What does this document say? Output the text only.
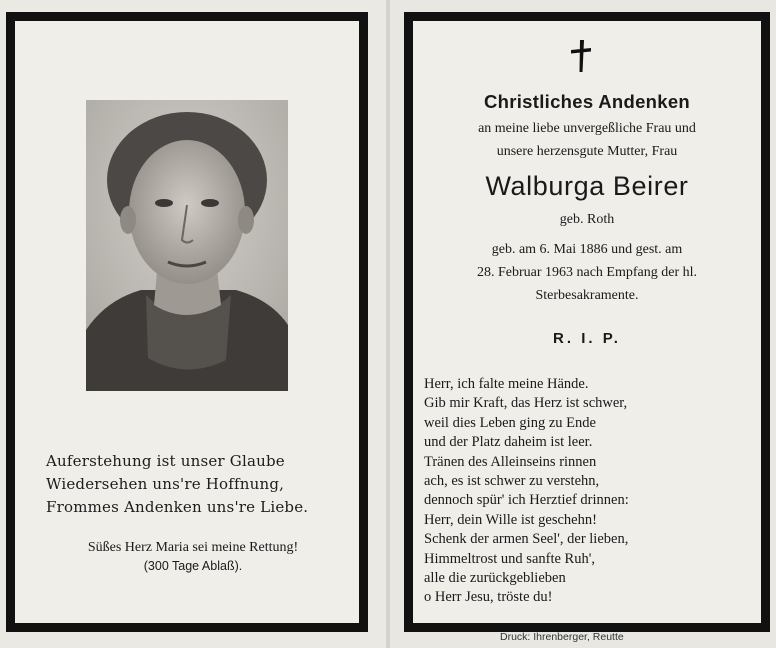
Auferstehung ist unser Glaube
Wiedersehen uns're Hoffnung,
Frommes Andenken uns're Liebe.
Süßes Herz Maria sei meine Rettung!
(300 Tage Ablaß).
Christliches Andenken
an meine liebe unvergeßliche Frau und
unsere herzensgute Mutter, Frau
Walburga Beirer
geb. Roth
geb. am 6. Mai 1886 und gest. am
28. Februar 1963 nach Empfang der hl.
Sterbesakramente.
R. I. P.
Herr, ich falte meine Hände.
Gib mir Kraft, das Herz ist schwer,
weil dies Leben ging zu Ende
und der Platz daheim ist leer.
Tränen des Alleinseins rinnen
ach, es ist schwer zu verstehn,
dennoch spür' ich Herztief drinnen:
Herr, dein Wille ist geschehn!
Schenk der armen Seel', der lieben,
Himmeltrost und sanfte Ruh',
alle die zurückgeblieben
o Herr Jesu, tröste du!
Druck: Ihrenberger, Reutte
